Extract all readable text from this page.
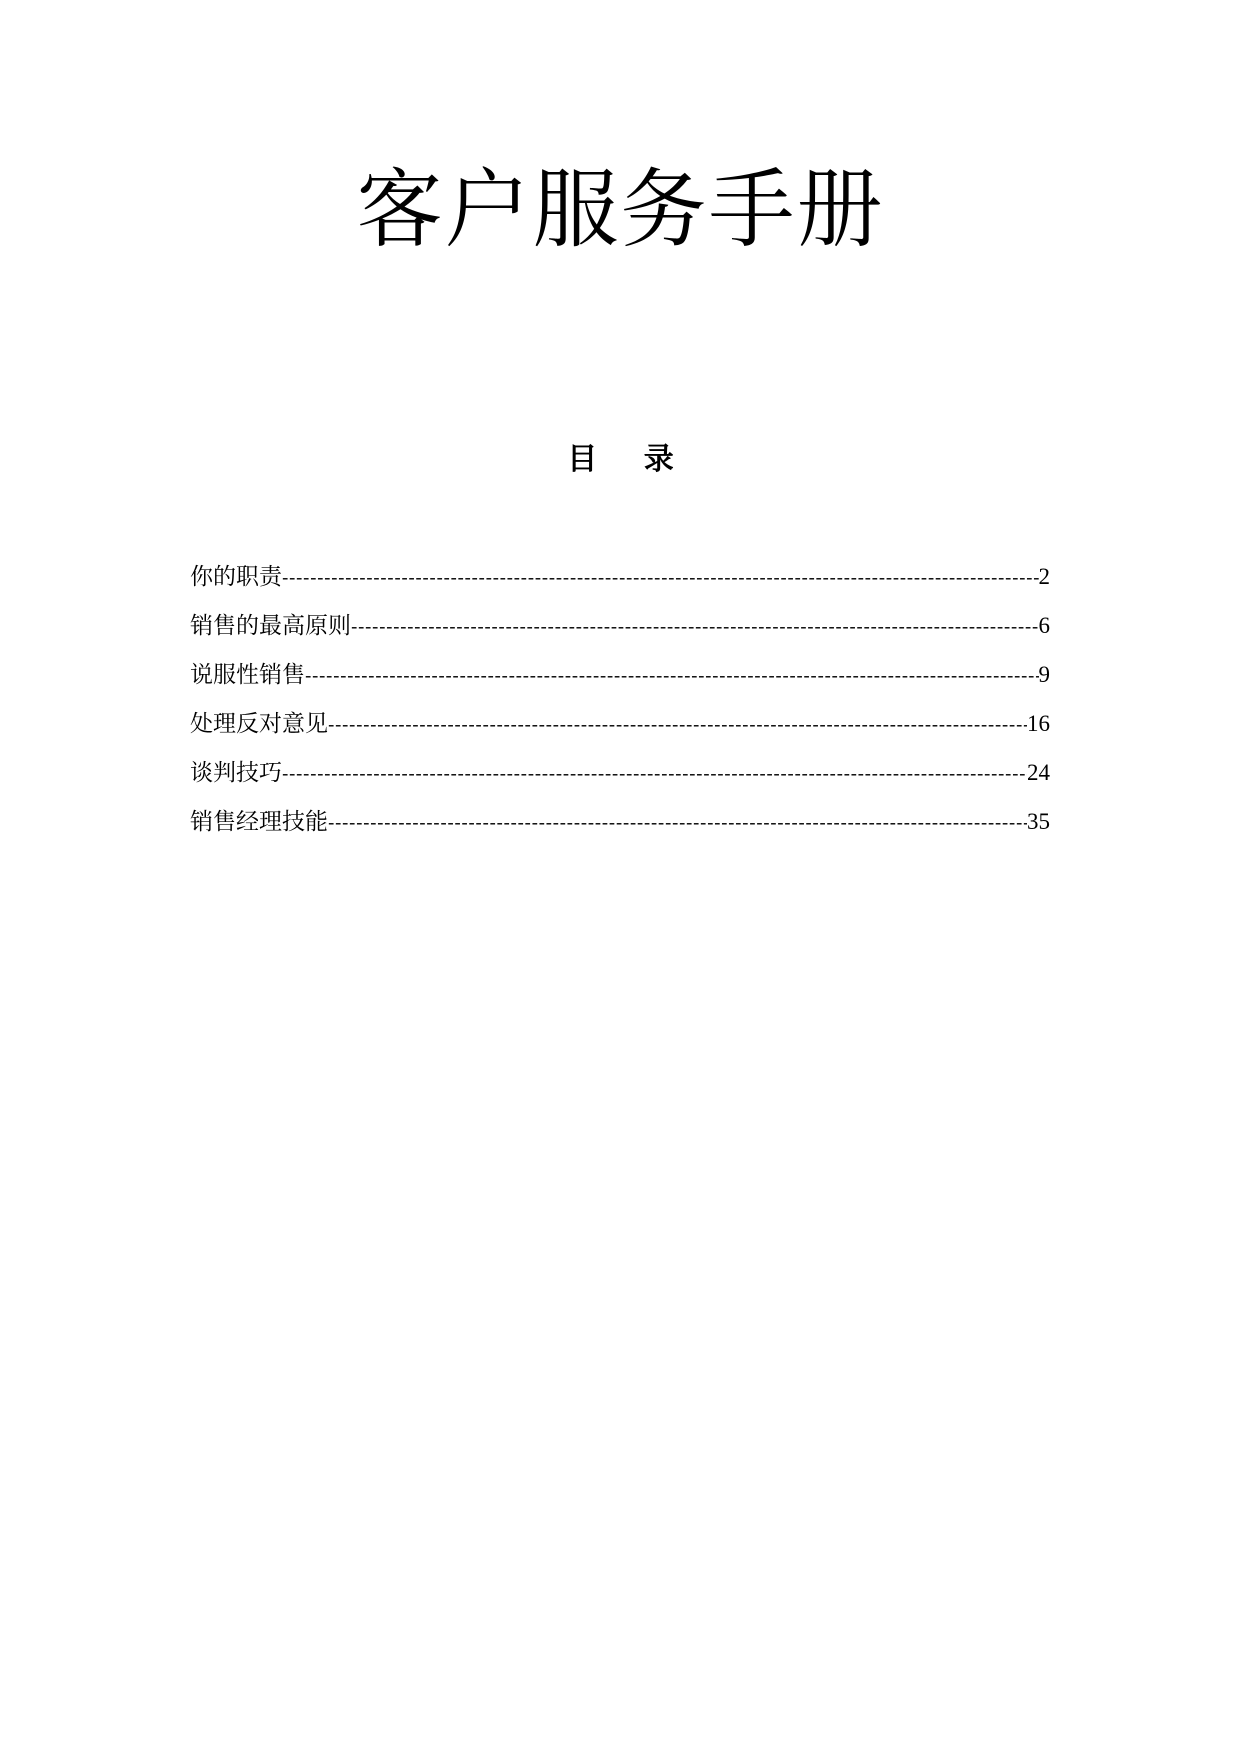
客户服务手册
目 录
你的职责 -----	2
销售的最高原则 -----	6
说服性销售 -----	9
处理反对意见 -----	16
谈判技巧 -----	24
销售经理技能 -----	35
